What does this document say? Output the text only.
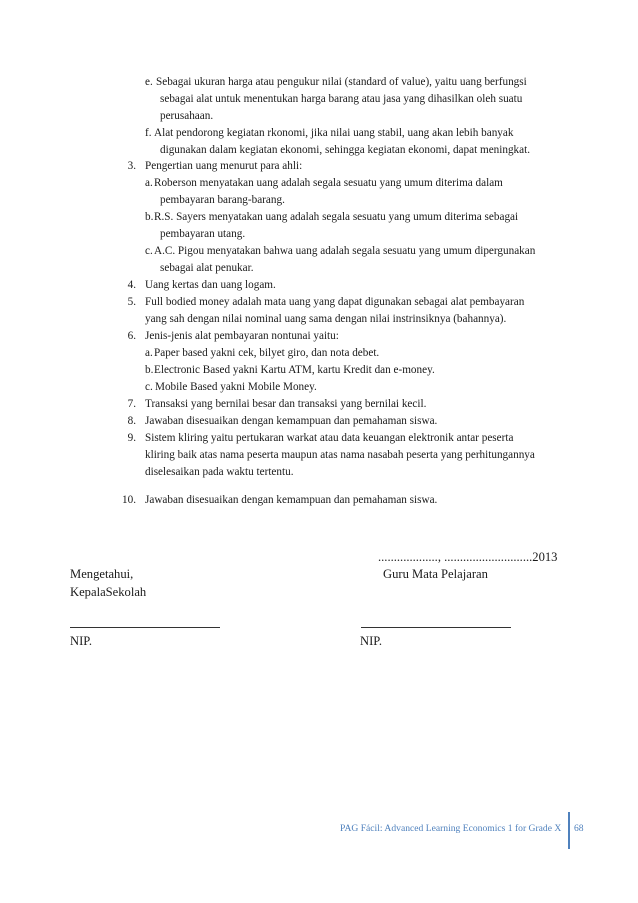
e. Sebagai ukuran harga atau pengukur nilai (standard of value), yaitu uang berfungsi
sebagai alat untuk menentukan harga barang atau jasa yang dihasilkan oleh suatu
perusahaan.
f. Alat pendorong kegiatan rkonomi, jika nilai uang stabil, uang akan lebih banyak
digunakan dalam kegiatan ekonomi, sehingga kegiatan ekonomi, dapat meningkat.
3. Pengertian uang menurut para ahli:
a. Roberson menyatakan uang adalah segala sesuatu yang umum diterima dalam
pembayaran barang-barang.
b. R.S. Sayers menyatakan uang adalah segala sesuatu yang umum diterima sebagai
pembayaran utang.
c. A.C. Pigou menyatakan bahwa uang adalah segala sesuatu yang umum dipergunakan
sebagai alat penukar.
4. Uang kertas dan uang logam.
5. Full bodied money adalah mata uang yang dapat digunakan sebagai alat pembayaran
yang sah dengan nilai nominal uang sama dengan nilai instrinsiknya (bahannya).
6. Jenis-jenis alat pembayaran nontunai yaitu:
a. Paper based yakni cek, bilyet giro, dan nota debet.
b. Electronic Based yakni Kartu ATM, kartu Kredit dan e-money.
c. Mobile Based yakni Mobile Money.
7. Transaksi yang bernilai besar dan transaksi yang bernilai kecil.
8. Jawaban disesuaikan dengan kemampuan dan pemahaman siswa.
9. Sistem kliring yaitu pertukaran warkat atau data keuangan elektronik antar peserta
kliring baik atas nama peserta maupun atas nama nasabah peserta yang perhitungannya
diselesaikan pada waktu tertentu.
10. Jawaban disesuaikan dengan kemampuan dan pemahaman siswa.
..................., ............................2013
Mengetahui,	Guru Mata Pelajaran
KepalaSekolah
NIP.	NIP.
PAG Fácil: Advanced Learning Economics 1 for Grade X 68
